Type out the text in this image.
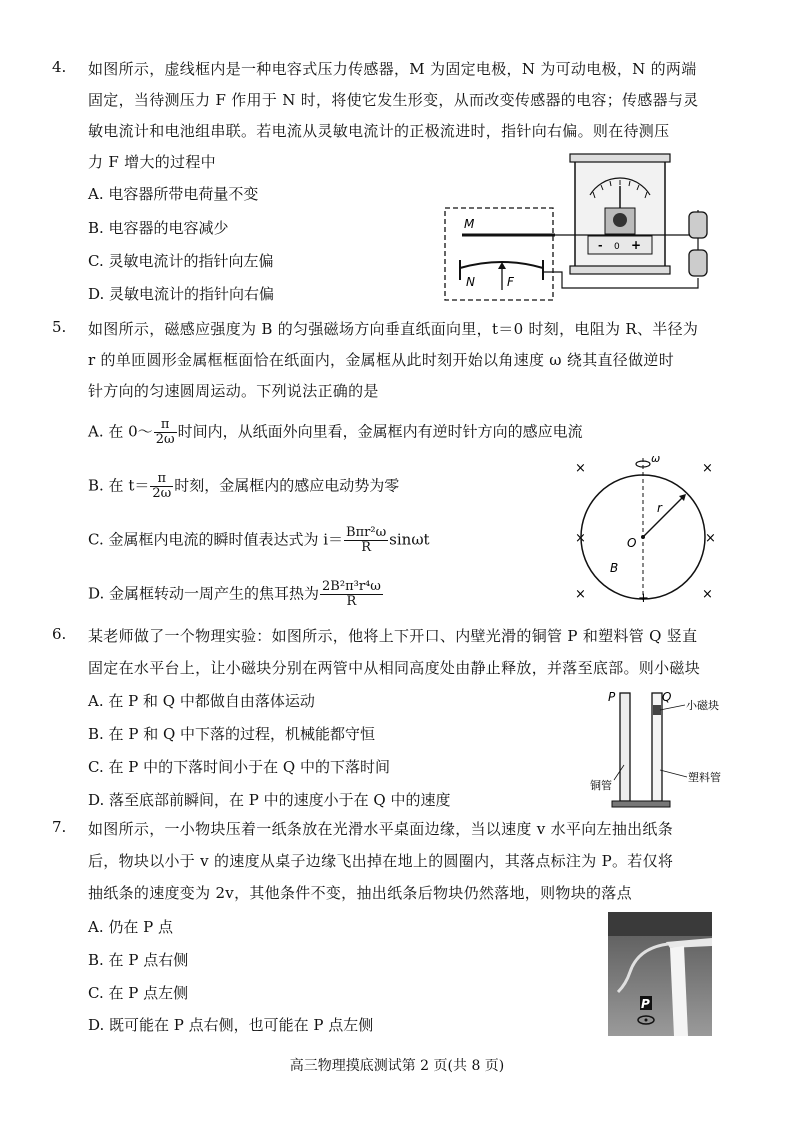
4. 如图所示，虚线框内是一种电容式压力传感器，M 为固定电极，N 为可动电极，N 的两端
固定，当待测压力 F 作用于 N 时，将使它发生形变，从而改变传感器的电容；传感器与灵
敏电流计和电池组串联。若电流从灵敏电流计的正极流进时，指针向右偏。则在待测压
力 F 增大的过程中
A. 电容器所带电荷量不变
B. 电容器的电容减少
C. 灵敏电流计的指针向左偏
D. 灵敏电流计的指针向右偏
- 0 +
M
N	F
5. 如图所示，磁感应强度为 B 的匀强磁场方向垂直纸面向里，t＝0 时刻，电阻为 R、半径为
r 的单匝圆形金属框框面恰在纸面内，金属框从此时刻开始以角速度 ω 绕其直径做逆时
针方向的匀速圆周运动。下列说法正确的是
A. 在 0～ $\frac{\pi}{2\omega}$ 时间内，从纸面外向里看，金属框内有逆时针方向的感应电流
B. 在 $t= \frac{\pi}{2\omega}$ 时刻，金属框内的感应电动势为零
C. 金属框内电流的瞬时值表达式为 $i= \frac{\text{Bπr²ω}}{R}$ sinωt
D. 金属框转动一周产生的焦耳热为 $\frac{\text{2B²π³r⁴ω}}{R}$
×	×
×	×
×	×
ω
r
O
B
+
6. 某老师做了一个物理实验：如图所示，他将上下开口、内壁光滑的铜管 P 和塑料管 Q 竖直
固定在水平台上，让小磁块分别在两管中从相同高度处由静止释放，并落至底部。则小磁块
A. 在 P 和 Q 中都做自由落体运动
B. 在 P 和 Q 中下落的过程，机械能都守恒
C. 在 P 中的下落时间小于在 Q 中的下落时间
D. 落至底部前瞬间，在 P 中的速度小于在 Q 中的速度
P	Q
小磁块
铜管
塑料管
7. 如图所示，一小物块压着一纸条放在光滑水平桌面边缘，当以速度 v 水平向左抽出纸条
后，物块以小于 v 的速度从桌子边缘飞出掉在地上的圆圈内，其落点标注为 P。若仅将
抽纸条的速度变为 2v，其他条件不变，抽出纸条后物块仍然落地，则物块的落点
A. 仍在 P 点
B. 在 P 点右侧
C. 在 P 点左侧
D. 既可能在 P 点右侧，也可能在 P 点左侧
P
高三物理摸底测试第 2 页(共 8 页)
